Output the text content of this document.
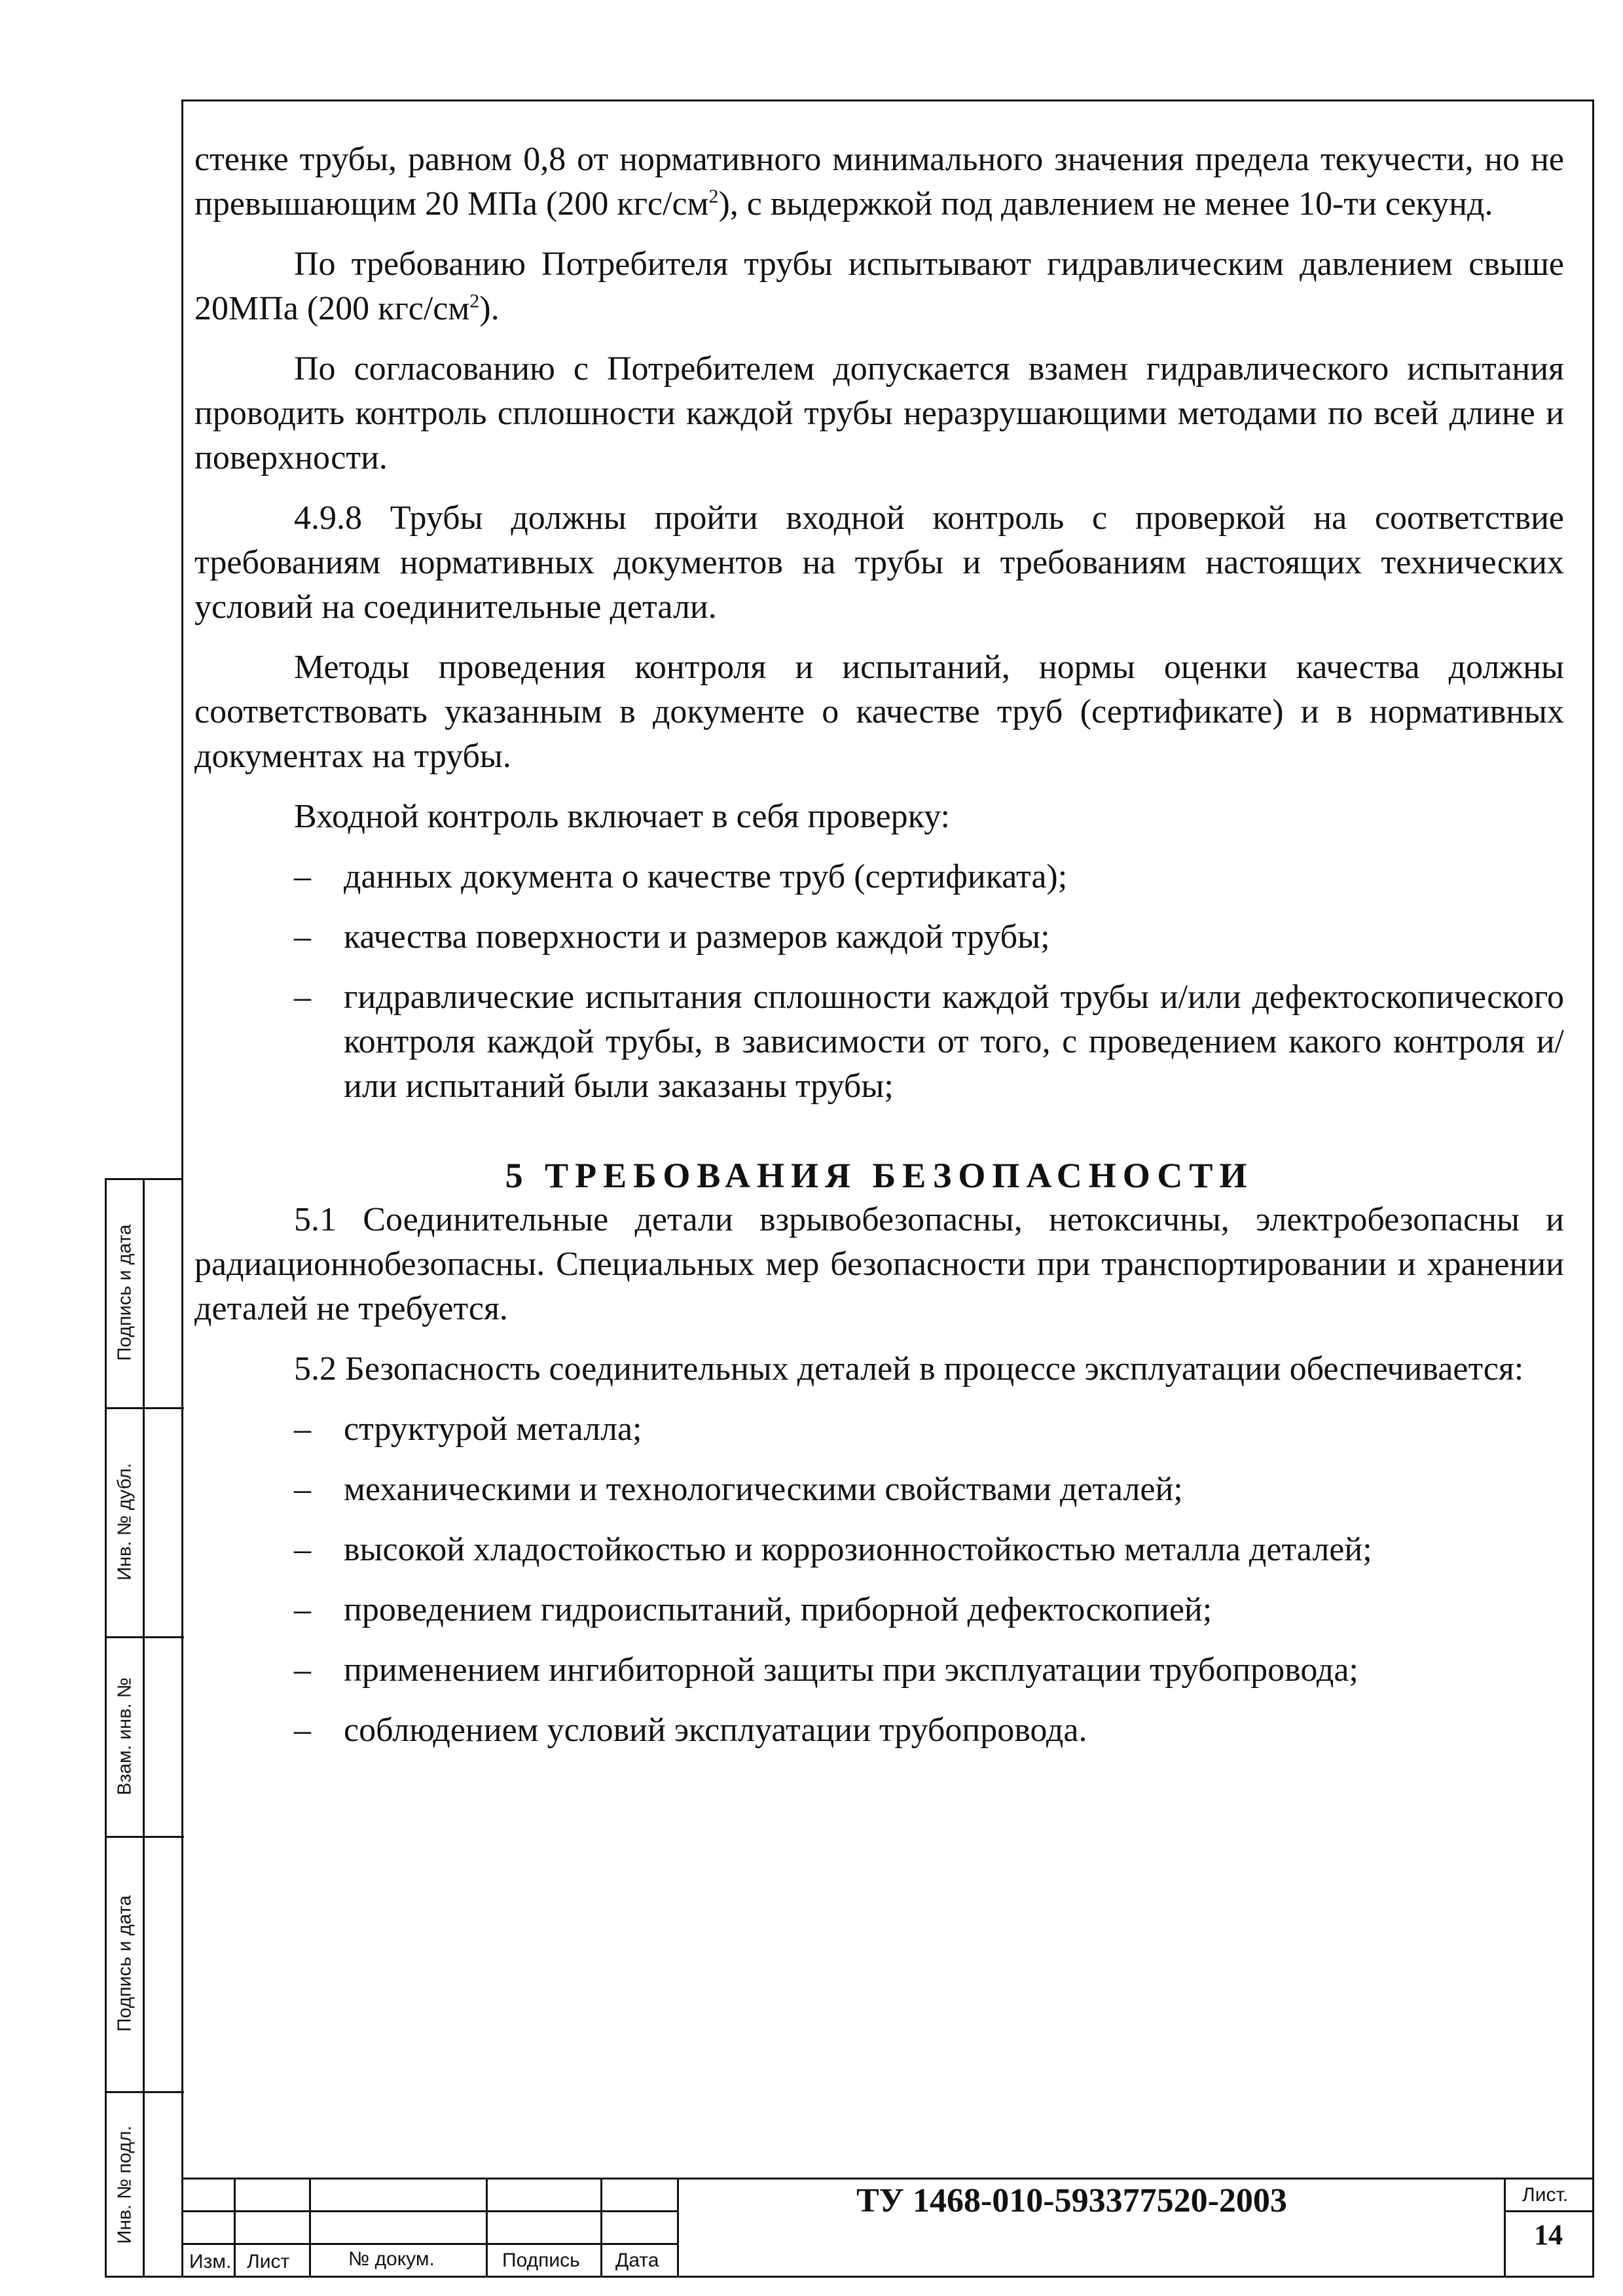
Подпись и дата
Инв. № дубл.
Взам. инв. №
Подпись и дата
Инв. № подл.

стенке трубы, равном 0,8 от нормативного минимального значения предела текучести, но не превышающим 20 МПа (200 кгс/$см^2$), с выдержкой под давлением не менее 10-ти секунд.

По требованию Потребителя трубы испытывают гидравлическим давлением свыше 20МПа (200 кгс/$см^2$).

По согласованию с Потребителем допускается взамен гидравлического испытания проводить контроль сплошности каждой трубы неразрушающими методами по всей длине и поверхности.

4.9.8 Трубы должны пройти входной контроль с проверкой на соответствие требованиям нормативных документов на трубы и требованиям настоящих технических условий на соединительные детали.

Методы проведения контроля и испытаний, нормы оценки качества должны соответствовать указанным в документе о качестве труб (сертификате) и в нормативных документах на трубы.

Входной контроль включает в себя проверку:

– данных документа о качестве труб (сертификата);

– качества поверхности и размеров каждой трубы;

– гидравлические испытания сплошности каждой трубы и/или дефектоскопического контроля каждой трубы, в зависимости от того, с проведением какого контроля и/или испытаний были заказаны трубы;

5 ТРЕБОВАНИЯ БЕЗОПАСНОСТИ

5.1 Соединительные детали взрывобезопасны, нетоксичны, электробезопасны и радиационнобезопасны. Специальных мер безопасности при транспортировании и хранении деталей не требуется.

5.2 Безопасность соединительных деталей в процессе эксплуатации обеспечивается:

– структурой металла;

– механическими и технологическими свойствами деталей;

– высокой хладостойкостью и коррозионностойкостью металла деталей;

– проведением гидроиспытаний, приборной дефектоскопией;

– применением ингибиторной защиты при эксплуатации трубопровода;

– соблюдением условий эксплуатации трубопровода.

Изм. Лист	№ докум.	Подпись Дата
ТУ 1468-010-593377520-2003	Лист.
14
